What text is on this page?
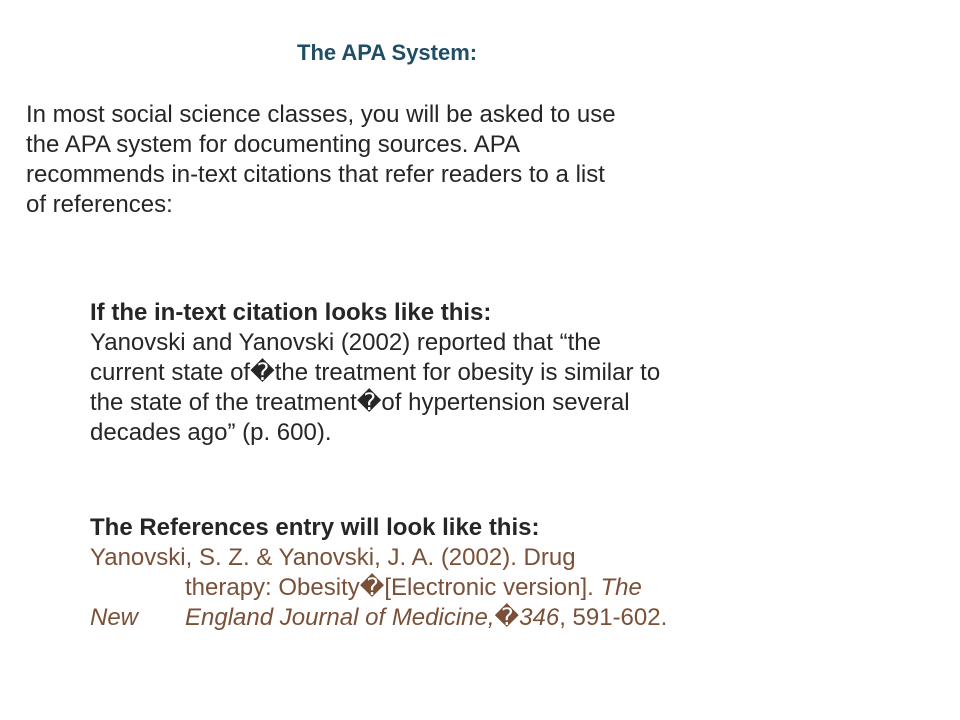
The APA System:
In most social science classes, you will be asked to use
the APA system for documenting sources. APA
recommends in-text citations that refer readers to a list
of references:
If the in-text citation looks like this:
Yanovski and Yanovski (2002) reported that “the
current state of�the treatment for obesity is similar to
the state of the treatment�of hypertension several
decades ago” (p. 600).
The References entry will look like this:
Yanovski, S. Z. & Yanovski, J. A. (2002). Drug
therapy: Obesity�[Electronic version]. The
New England Journal of Medicine,�346, 591-602.
